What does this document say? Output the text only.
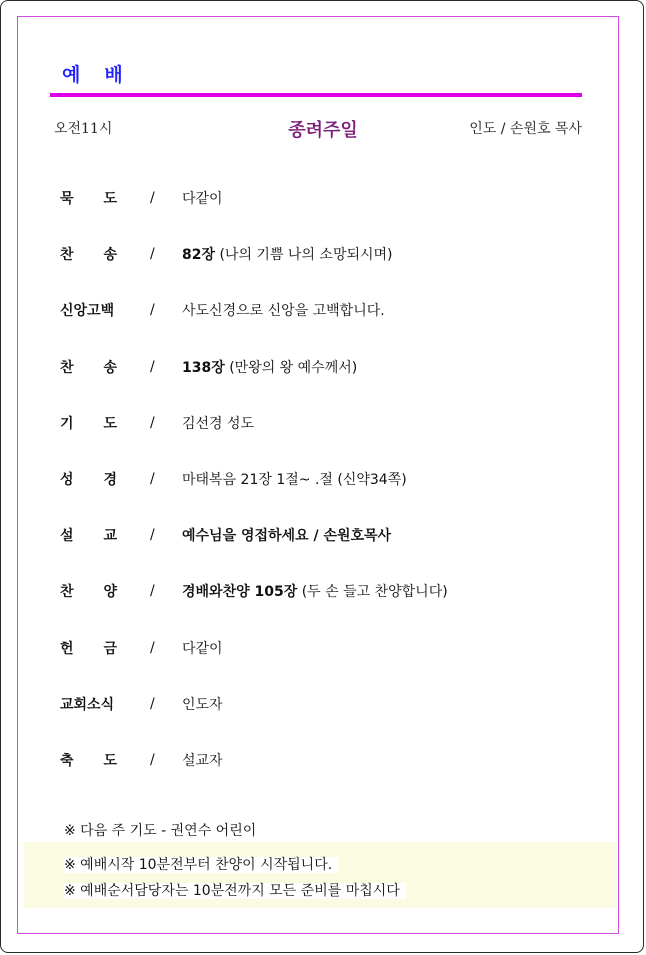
예배
오전11시	종려주일	인도 / 손원호 목사
묵도 /	다같이
찬송 /	82장 (나의 기쁨 나의 소망되시며)
신앙고백	/	사도신경으로 신앙을 고백합니다.
찬송 /	138장 (만왕의 왕 예수께서)
기도 /	김선경 성도
성경 /	마태복음 21장 1절~ .절 (신약34쪽)
설교 /	예수님을 영접하세요 / 손원호목사
찬양 /	경배와찬양 105장 (두 손 들고 찬양합니다)
헌금 /	다같이
교회소식	/	인도자
축도 /	설교자
※ 다음 주 기도 - 권연수 어린이
※ 예배시작 10분전부터 찬양이 시작됩니다.
※ 예배순서담당자는 10분전까지 모든 준비를 마칩시다
